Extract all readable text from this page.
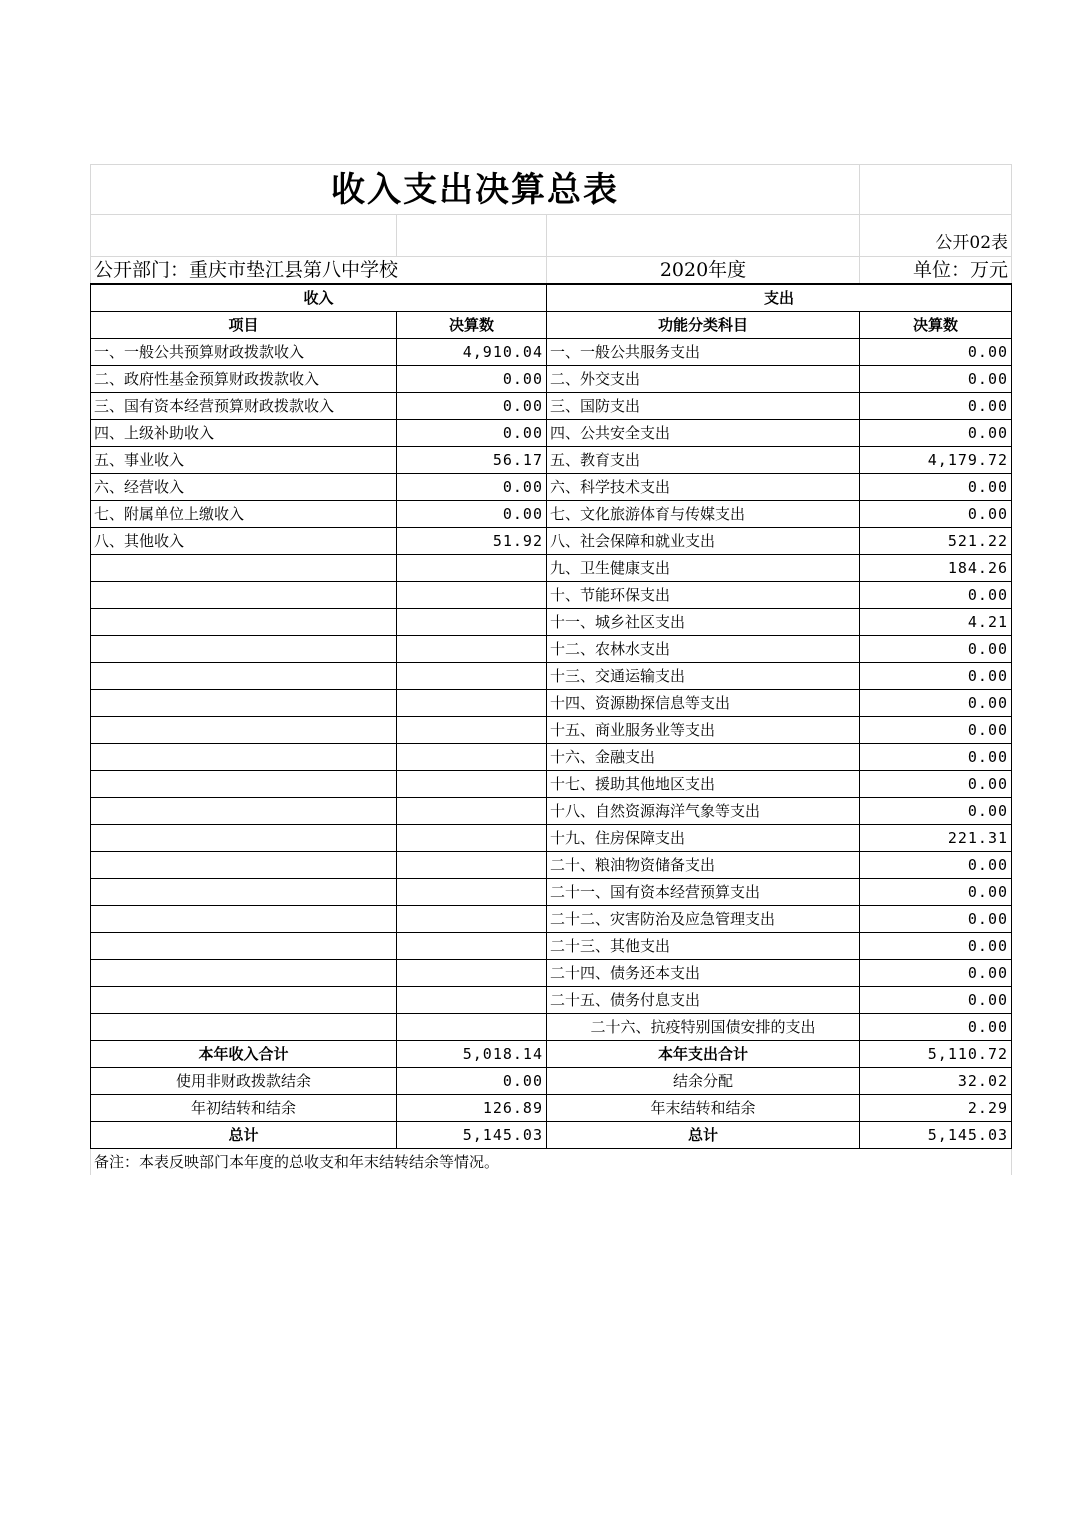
收入支出决算总表			
			公开02表
公开部门：重庆市垫江县第八中学校		2020年度	单位：万元
收入		支出	
项目	决算数	功能分类科目	决算数
一、一般公共预算财政拨款收入	4,910.04	一、一般公共服务支出	0.00
二、政府性基金预算财政拨款收入	0.00	二、外交支出	0.00
三、国有资本经营预算财政拨款收入	0.00	三、国防支出	0.00
四、上级补助收入	0.00	四、公共安全支出	0.00
五、事业收入	56.17	五、教育支出	4,179.72
六、经营收入	0.00	六、科学技术支出	0.00
七、附属单位上缴收入	0.00	七、文化旅游体育与传媒支出	0.00
八、其他收入	51.92	八、社会保障和就业支出	521.22
		九、卫生健康支出	184.26
		十、节能环保支出	0.00
		十一、城乡社区支出	4.21
		十二、农林水支出	0.00
		十三、交通运输支出	0.00
		十四、资源勘探信息等支出	0.00
		十五、商业服务业等支出	0.00
		十六、金融支出	0.00
		十七、援助其他地区支出	0.00
		十八、自然资源海洋气象等支出	0.00
		十九、住房保障支出	221.31
		二十、粮油物资储备支出	0.00
		二十一、国有资本经营预算支出	0.00
		二十二、灾害防治及应急管理支出	0.00
		二十三、其他支出	0.00
		二十四、债务还本支出	0.00
		二十五、债务付息支出	0.00
		二十六、抗疫特别国债安排的支出	0.00
本年收入合计	5,018.14	本年支出合计	5,110.72
使用非财政拨款结余	0.00	结余分配	32.02
年初结转和结余	126.89	年末结转和结余	2.29
总计	5,145.03	总计	5,145.03
备注：本表反映部门本年度的总收支和年末结转结余等情况。			
